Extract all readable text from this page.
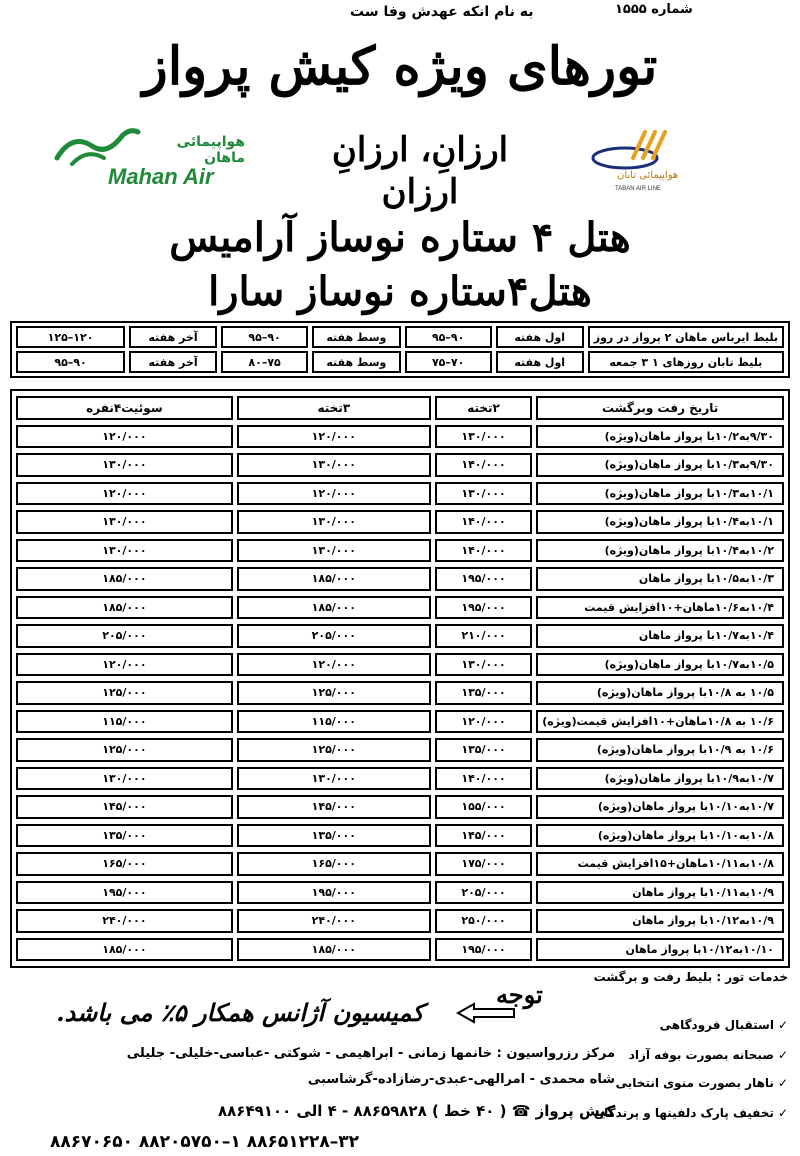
شماره ۱۵۵۵
به نام انکه عهدش وفا ست
تورهای ویژه کیش پرواز
هواپیمائی ماهان
Mahan Air	هواپیمائی تابان
TABAN AIR LINE
ارزانِ، ارزانِ
ارزان
هتل ۴ ستاره نوساز آرامیس
هتل۴ستاره نوساز سارا
بلیط ایرباس ماهان ۲ پرواز در روز	اول هفته	۹۰–۹۵	وسط هفته	۹۰–۹۵	آخر هفته	۱۲۰–۱۲۵
بلیط تابان روزهای ۱ ۳ جمعه	اول هفته	۷۰–۷۵	وسط هفته	۷۵–۸۰	آخر هفته	۹۰–۹۵
تاریخ رفت وبرگشت	۲تخته	۳تخته	سوئیت۴نفره
۹/۳۰به۱۰/۲با پرواز ماهان(ویژه)	۱۳۰/۰۰۰	۱۲۰/۰۰۰	۱۲۰/۰۰۰
۹/۳۰به۱۰/۳با پرواز ماهان(ویژه)	۱۴۰/۰۰۰	۱۳۰/۰۰۰	۱۳۰/۰۰۰
۱۰/۱به۱۰/۳با پرواز ماهان(ویژه)	۱۳۰/۰۰۰	۱۲۰/۰۰۰	۱۲۰/۰۰۰
۱۰/۱به۱۰/۴با پرواز ماهان(ویژه)	۱۴۰/۰۰۰	۱۳۰/۰۰۰	۱۳۰/۰۰۰
۱۰/۲به۱۰/۴با پرواز ماهان(ویژه)	۱۴۰/۰۰۰	۱۳۰/۰۰۰	۱۳۰/۰۰۰
۱۰/۳به۱۰/۵با پرواز ماهان	۱۹۵/۰۰۰	۱۸۵/۰۰۰	۱۸۵/۰۰۰
۱۰/۴به۱۰/۶ماهان+۱۰افزایش قیمت	۱۹۵/۰۰۰	۱۸۵/۰۰۰	۱۸۵/۰۰۰
۱۰/۴به۱۰/۷با پرواز ماهان	۲۱۰/۰۰۰	۲۰۵/۰۰۰	۲۰۵/۰۰۰
۱۰/۵به۱۰/۷با پرواز ماهان(ویژه)	۱۳۰/۰۰۰	۱۲۰/۰۰۰	۱۲۰/۰۰۰
۱۰/۵ به ۱۰/۸با پرواز ماهان(ویژه)	۱۳۵/۰۰۰	۱۲۵/۰۰۰	۱۲۵/۰۰۰
۱۰/۶ به ۱۰/۸ماهان+۱۰افزایش قیمت(ویژه)	۱۲۰/۰۰۰	۱۱۵/۰۰۰	۱۱۵/۰۰۰
۱۰/۶ به ۱۰/۹با پرواز ماهان(ویژه)	۱۳۵/۰۰۰	۱۲۵/۰۰۰	۱۲۵/۰۰۰
۱۰/۷به۱۰/۹با پرواز ماهان(ویژه)	۱۴۰/۰۰۰	۱۳۰/۰۰۰	۱۳۰/۰۰۰
۱۰/۷به۱۰/۱۰با پرواز ماهان(ویژه)	۱۵۵/۰۰۰	۱۴۵/۰۰۰	۱۴۵/۰۰۰
۱۰/۸به۱۰/۱۰با پرواز ماهان(ویژه)	۱۴۵/۰۰۰	۱۳۵/۰۰۰	۱۳۵/۰۰۰
۱۰/۸به۱۰/۱۱ماهان+۱۵افزایش قیمت	۱۷۵/۰۰۰	۱۶۵/۰۰۰	۱۶۵/۰۰۰
۱۰/۹به۱۰/۱۱با پرواز ماهان	۲۰۵/۰۰۰	۱۹۵/۰۰۰	۱۹۵/۰۰۰
۱۰/۹به۱۰/۱۲با پرواز ماهان	۲۵۰/۰۰۰	۲۴۰/۰۰۰	۲۴۰/۰۰۰
۱۰/۱۰به۱۰/۱۲با پرواز ماهان	۱۹۵/۰۰۰	۱۸۵/۰۰۰	۱۸۵/۰۰۰
خدمات تور : بلیط رفت و برگشت
✓استقبال فرودگاهی
✓صبحانه بصورت بوفه آزاد
✓ناهار بصورت منوی انتخابی
✓تخفیف پارک دلفینها و پرندگان
توجه
کمیسیون آژانس همکار ۵٪ می باشد.
مرکز رزرواسیون : خانمها زمانی - ابراهیمی - شوکتی -عباسی-خلیلی- جلیلی
شاه محمدی - امرالهی-عبدی-رضازاده-گرشاسبی
کیش پرواز ☎ ( ۴۰ خط ) ۸۸۶۵۹۸۲۸ - ۴ الی ۸۸۶۴۹۱۰۰
۸۸۶۷۰۶۵۰ ۸۸۲۰۵۷۵۰–۱ ۸۸۶۵۱۲۲۸–۳۲
